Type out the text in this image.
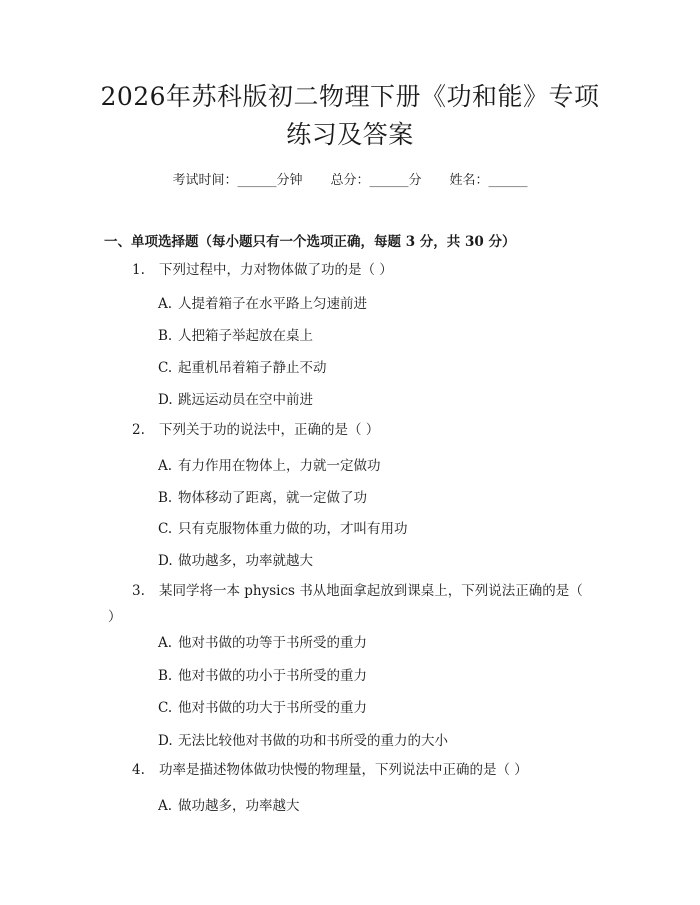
2026年苏科版初二物理下册《功和能》专项
练习及答案
考试时间：______分钟 总分：______分 姓名：______
一、单项选择题（每小题只有一个选项正确，每题 3 分，共 30 分）
1. 下列过程中，力对物体做了功的是（ ）
A. 人提着箱子在水平路上匀速前进
B. 人把箱子举起放在桌上
C. 起重机吊着箱子静止不动
D. 跳远运动员在空中前进
2. 下列关于功的说法中，正确的是（ ）
A. 有力作用在物体上，力就一定做功
B. 物体移动了距离，就一定做了功
C. 只有克服物体重力做的功，才叫有用功
D. 做功越多，功率就越大
3. 某同学将一本 physics 书从地面拿起放到课桌上，下列说法正确的是（ ）
A. 他对书做的功等于书所受的重力
B. 他对书做的功小于书所受的重力
C. 他对书做的功大于书所受的重力
D. 无法比较他对书做的功和书所受的重力的大小
4. 功率是描述物体做功快慢的物理量，下列说法中正确的是（ ）
A. 做功越多，功率越大
